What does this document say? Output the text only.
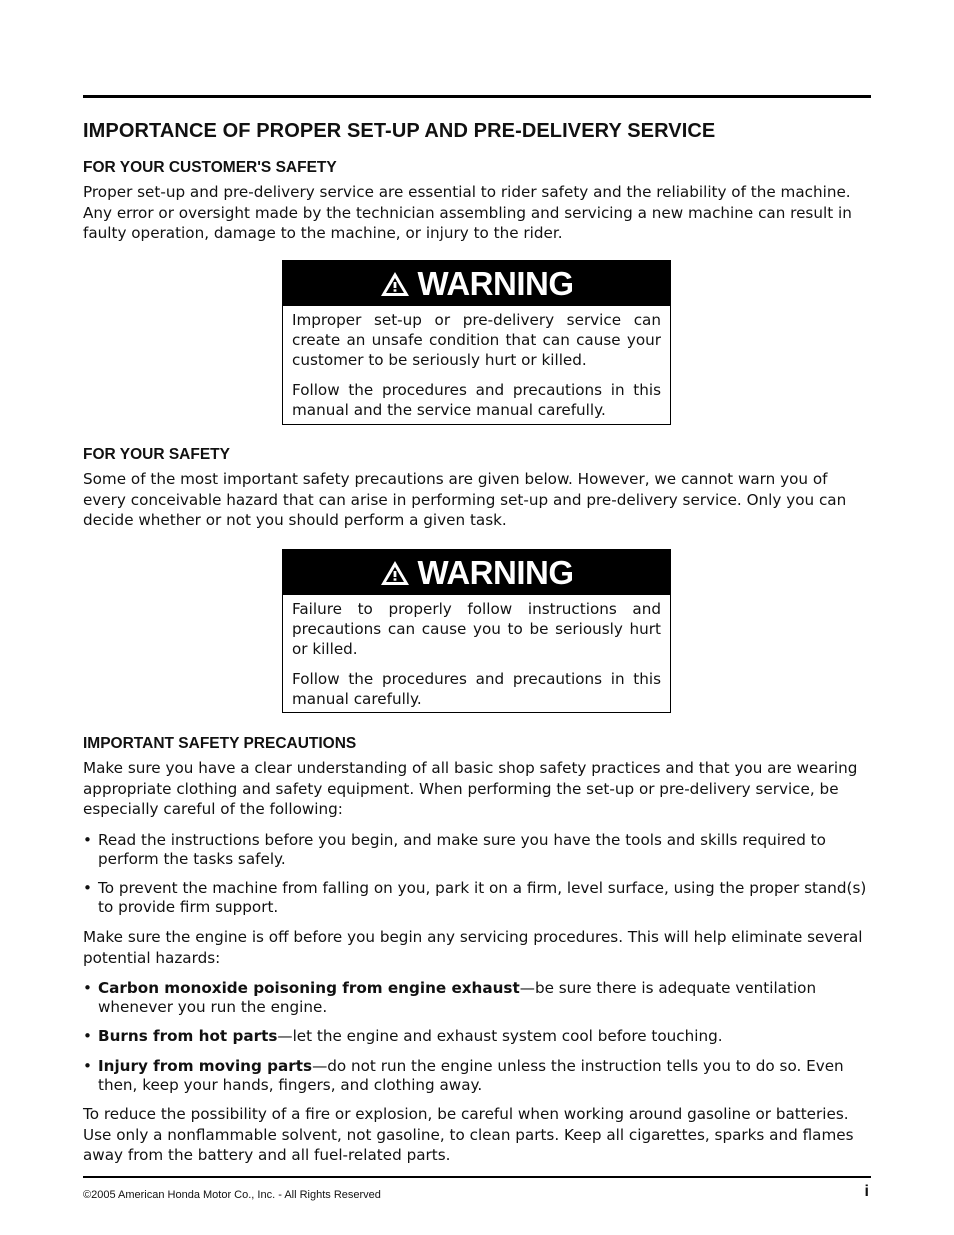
IMPORTANCE OF PROPER SET-UP AND PRE-DELIVERY SERVICE
FOR YOUR CUSTOMER'S SAFETY

Proper set-up and pre-delivery service are essential to rider safety and the reliability of the machine. Any error or oversight made by the technician assembling and servicing a new machine can result in faulty operation, damage to the machine, or injury to the rider.

WARNING

Improper set-up or pre-delivery service can create an unsafe condition that can cause your customer to be seriously hurt or killed.

Follow the procedures and precautions in this manual and the service manual carefully.

FOR YOUR SAFETY

Some of the most important safety precautions are given below. However, we cannot warn you of every conceivable hazard that can arise in performing set-up and pre-delivery service. Only you can decide whether or not you should perform a given task.

WARNING

Failure to properly follow instructions and precautions can cause you to be seriously hurt or killed.

Follow the procedures and precautions in this manual carefully.

IMPORTANT SAFETY PRECAUTIONS

Make sure you have a clear understanding of all basic shop safety practices and that you are wearing appropriate clothing and safety equipment. When performing the set-up or pre-delivery service, be especially careful of the following:

• Read the instructions before you begin, and make sure you have the tools and skills required to perform the tasks safely.
• To prevent the machine from falling on you, park it on a firm, level surface, using the proper stand(s) to provide firm support.

Make sure the engine is off before you begin any servicing procedures. This will help eliminate several potential hazards:

• Carbon monoxide poisoning from engine exhaust—be sure there is adequate ventilation whenever you run the engine.
• Burns from hot parts—let the engine and exhaust system cool before touching.
• Injury from moving parts—do not run the engine unless the instruction tells you to do so. Even then, keep your hands, fingers, and clothing away.

To reduce the possibility of a fire or explosion, be careful when working around gasoline or batteries. Use only a nonflammable solvent, not gasoline, to clean parts. Keep all cigarettes, sparks and flames away from the battery and all fuel-related parts.

©2005 American Honda Motor Co., Inc. - All Rights Reserved	i
